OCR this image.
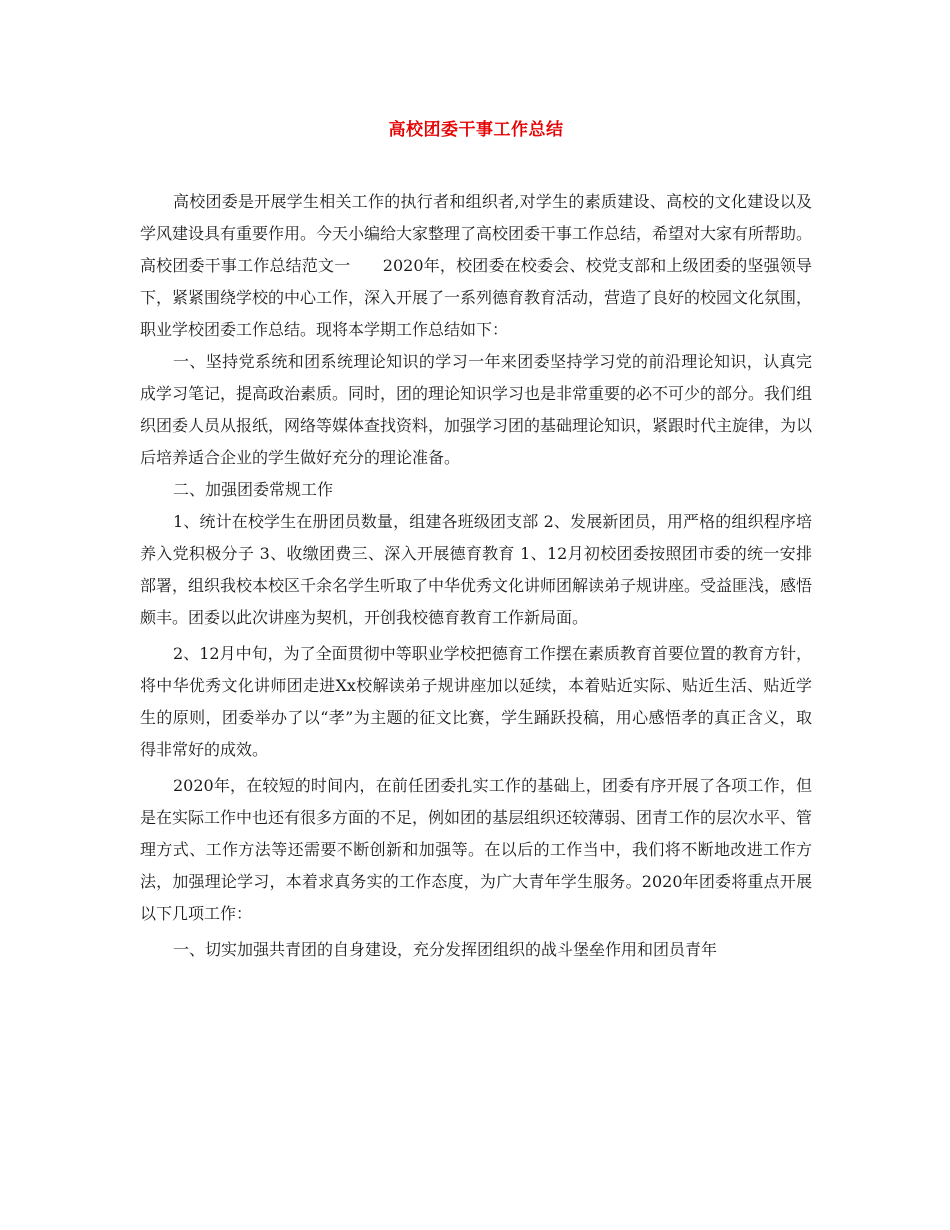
高校团委干事工作总结

高校团委是开展学生相关工作的执行者和组织者,对学生的素质建设、高校的文化建设以及学风建设具有重要作用。今天小编给大家整理了高校团委干事工作总结，希望对大家有所帮助。

高校团委干事工作总结范文一　　2020年，校团委在校委会、校党支部和上级团委的坚强领导下，紧紧围绕学校的中心工作，深入开展了一系列德育教育活动，营造了良好的校园文化氛围，职业学校团委工作总结。现将本学期工作总结如下：

一、坚持党系统和团系统理论知识的学习一年来团委坚持学习党的前沿理论知识，认真完成学习笔记，提高政治素质。同时，团的理论知识学习也是非常重要的必不可少的部分。我们组织团委人员从报纸，网络等媒体查找资料，加强学习团的基础理论知识，紧跟时代主旋律，为以后培养适合企业的学生做好充分的理论准备。

二、加强团委常规工作

1、统计在校学生在册团员数量，组建各班级团支部 2、发展新团员，用严格的组织程序培养入党积极分子 3、收缴团费三、深入开展德育教育 1、12月初校团委按照团市委的统一安排部署，组织我校本校区千余名学生听取了中华优秀文化讲师团解读弟子规讲座。受益匪浅，感悟颇丰。团委以此次讲座为契机，开创我校德育教育工作新局面。

2、12月中旬，为了全面贯彻中等职业学校把德育工作摆在素质教育首要位置的教育方针，将中华优秀文化讲师团走进Xx校解读弟子规讲座加以延续，本着贴近实际、贴近生活、贴近学生的原则，团委举办了以“孝”为主题的征文比赛，学生踊跃投稿，用心感悟孝的真正含义，取得非常好的成效。

2020年，在较短的时间内，在前任团委扎实工作的基础上，团委有序开展了各项工作，但是在实际工作中也还有很多方面的不足，例如团的基层组织还较薄弱、团青工作的层次水平、管理方式、工作方法等还需要不断创新和加强等。在以后的工作当中，我们将不断地改进工作方法，加强理论学习，本着求真务实的工作态度，为广大青年学生服务。2020年团委将重点开展以下几项工作：

一、切实加强共青团的自身建设，充分发挥团组织的战斗堡垒作用和团员青年
